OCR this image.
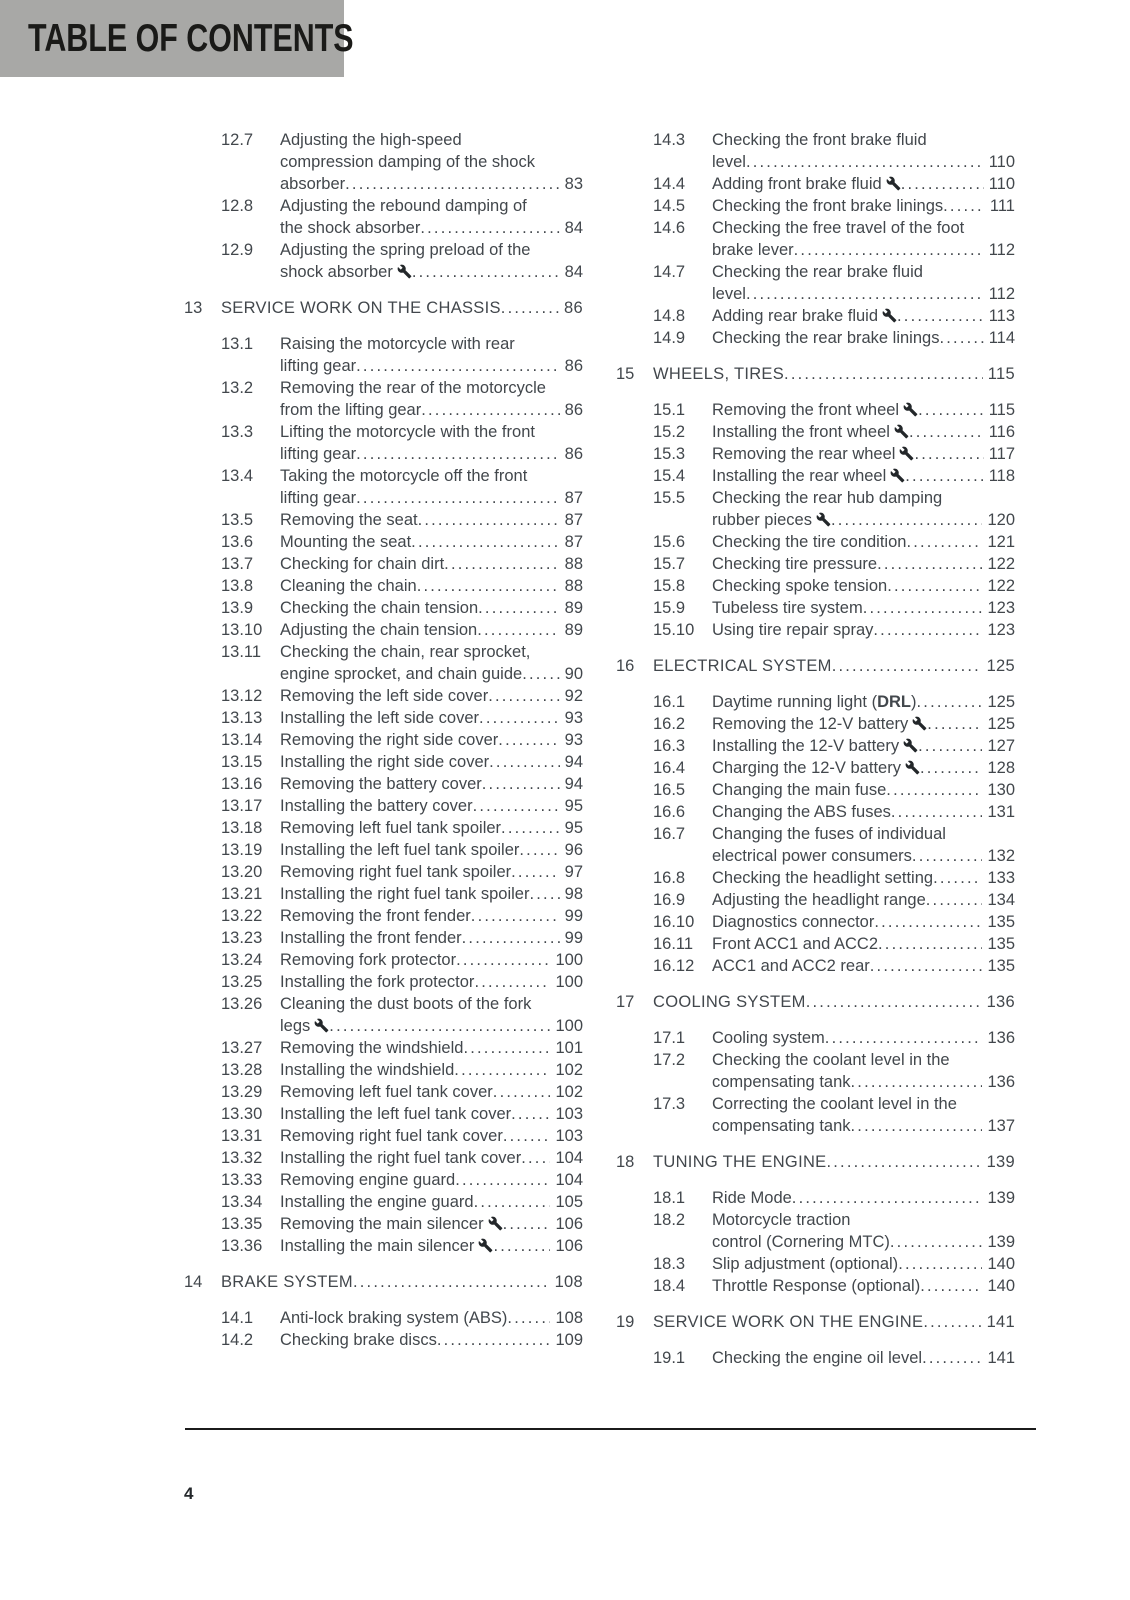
TABLE OF CONTENTS
12.7	Adjusting the high-speed
compression damping of the shock
absorber .....	83
12.8	Adjusting the rebound damping of
the shock absorber .....	84
12.9	Adjusting the spring preload of the
shock absorber .....	84
13	SERVICE WORK ON THE CHASSIS .....	86
13.1	Raising the motorcycle with rear
lifting gear .....	86
13.2	Removing the rear of the motorcycle
from the lifting gear .....	86
13.3	Lifting the motorcycle with the front
lifting gear .....	86
13.4	Taking the motorcycle off the front
lifting gear .....	87
13.5	Removing the seat .....	87
13.6	Mounting the seat .....	87
13.7	Checking for chain dirt .....	88
13.8	Cleaning the chain .....	88
13.9	Checking the chain tension .....	89
13.10	Adjusting the chain tension .....	89
13.11	Checking the chain, rear sprocket,
engine sprocket, and chain guide .....	90
13.12	Removing the left side cover .....	92
13.13	Installing the left side cover .....	93
13.14	Removing the right side cover .....	93
13.15	Installing the right side cover .....	94
13.16	Removing the battery cover .....	94
13.17	Installing the battery cover .....	95
13.18	Removing left fuel tank spoiler .....	95
13.19	Installing the left fuel tank spoiler .....	96
13.20	Removing right fuel tank spoiler .....	97
13.21	Installing the right fuel tank spoiler .....	98
13.22	Removing the front fender .....	99
13.23	Installing the front fender .....	99
13.24	Removing fork protector .....	100
13.25	Installing the fork protector .....	100
13.26	Cleaning the dust boots of the fork
legs .....	100
13.27	Removing the windshield .....	101
13.28	Installing the windshield .....	102
13.29	Removing left fuel tank cover .....	102
13.30	Installing the left fuel tank cover .....	103
13.31	Removing right fuel tank cover .....	103
13.32	Installing the right fuel tank cover .....	104
13.33	Removing engine guard .....	104
13.34	Installing the engine guard .....	105
13.35	Removing the main silencer .....	106
13.36	Installing the main silencer .....	106
14	BRAKE SYSTEM .....	108
14.1	Anti-lock braking system (ABS) .....	108
14.2	Checking brake discs .....	109
14.3	Checking the front brake fluid
level .....	110
14.4	Adding front brake fluid .....	110
14.5	Checking the front brake linings .....	111
14.6	Checking the free travel of the foot
brake lever .....	112
14.7	Checking the rear brake fluid
level .....	112
14.8	Adding rear brake fluid .....	113
14.9	Checking the rear brake linings .....	114
15	WHEELS, TIRES .....	115
15.1	Removing the front wheel .....	115
15.2	Installing the front wheel .....	116
15.3	Removing the rear wheel .....	117
15.4	Installing the rear wheel .....	118
15.5	Checking the rear hub damping
rubber pieces .....	120
15.6	Checking the tire condition .....	121
15.7	Checking tire pressure .....	122
15.8	Checking spoke tension .....	122
15.9	Tubeless tire system .....	123
15.10	Using tire repair spray .....	123
16	ELECTRICAL SYSTEM .....	125
16.1	Daytime running light (DRL) .....	125
16.2	Removing the 12-V battery .....	125
16.3	Installing the 12-V battery .....	127
16.4	Charging the 12-V battery .....	128
16.5	Changing the main fuse .....	130
16.6	Changing the ABS fuses .....	131
16.7	Changing the fuses of individual
electrical power consumers .....	132
16.8	Checking the headlight setting .....	133
16.9	Adjusting the headlight range .....	134
16.10	Diagnostics connector .....	135
16.11	Front ACC1 and ACC2 .....	135
16.12	ACC1 and ACC2 rear .....	135
17	COOLING SYSTEM .....	136
17.1	Cooling system .....	136
17.2	Checking the coolant level in the
compensating tank .....	136
17.3	Correcting the coolant level in the
compensating tank .....	137
18	TUNING THE ENGINE .....	139
18.1	Ride Mode .....	139
18.2	Motorcycle traction
control (Cornering MTC) .....	139
18.3	Slip adjustment (optional) .....	140
18.4	Throttle Response (optional) .....	140
19	SERVICE WORK ON THE ENGINE .....	141
19.1	Checking the engine oil level .....	141
4
